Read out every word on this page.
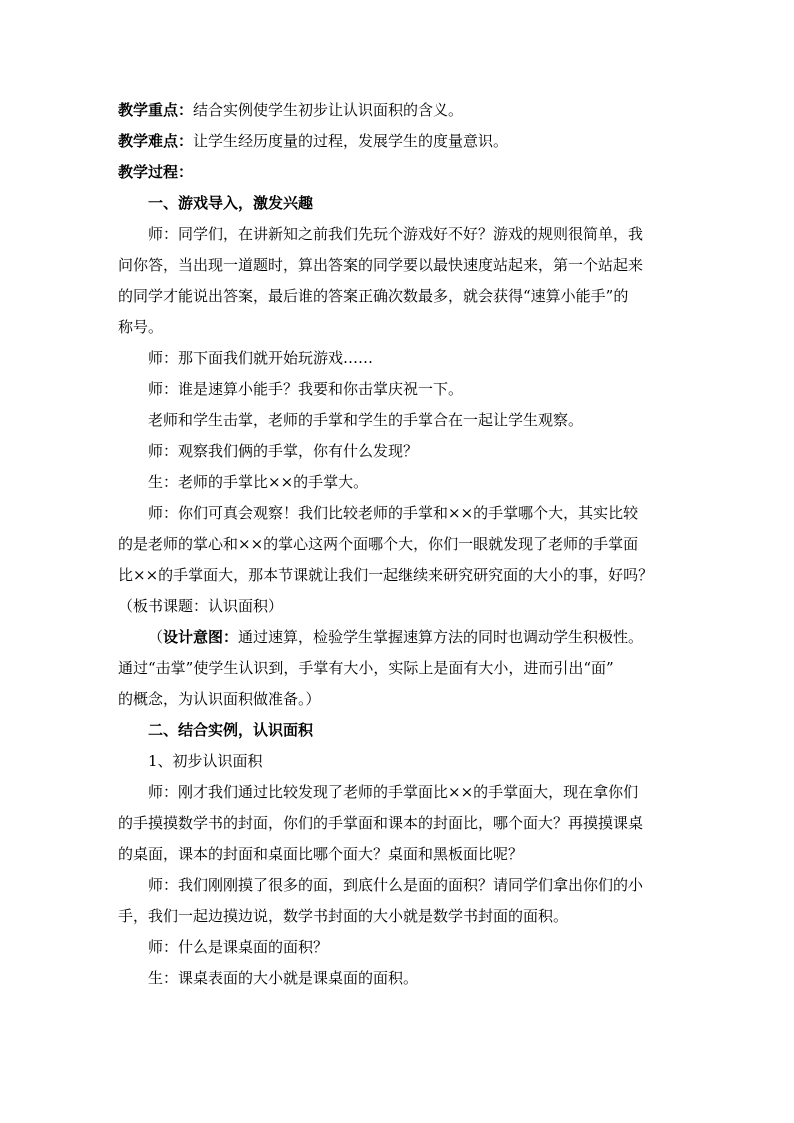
教学重点：结合实例使学生初步让认识面积的含义。

教学难点：让学生经历度量的过程，发展学生的度量意识。

教学过程：

一、游戏导入，激发兴趣

师：同学们，在讲新知之前我们先玩个游戏好不好？游戏的规则很简单，我

问你答，当出现一道题时，算出答案的同学要以最快速度站起来，第一个站起来

的同学才能说出答案，最后谁的答案正确次数最多，就会获得“速算小能手”的

称号。

师：那下面我们就开始玩游戏……

师：谁是速算小能手？我要和你击掌庆祝一下。

老师和学生击掌，老师的手掌和学生的手掌合在一起让学生观察。

师：观察我们俩的手掌，你有什么发现？

生：老师的手掌比××的手掌大。

师：你们可真会观察！我们比较老师的手掌和××的手掌哪个大，其实比较

的是老师的掌心和××的掌心这两个面哪个大，你们一眼就发现了老师的手掌面

比××的手掌面大，那本节课就让我们一起继续来研究研究面的大小的事，好吗？

（板书课题：认识面积）

（设计意图：通过速算，检验学生掌握速算方法的同时也调动学生积极性。

通过“击掌”使学生认识到，手掌有大小，实际上是面有大小，进而引出“面”

的概念，为认识面积做准备。）

二、结合实例，认识面积

1、初步认识面积

师：刚才我们通过比较发现了老师的手掌面比××的手掌面大，现在拿你们

的手摸摸数学书的封面，你们的手掌面和课本的封面比，哪个面大？再摸摸课桌

的桌面，课本的封面和桌面比哪个面大？桌面和黑板面比呢？

师：我们刚刚摸了很多的面，到底什么是面的面积？请同学们拿出你们的小

手，我们一起边摸边说，数学书封面的大小就是数学书封面的面积。

师：什么是课桌面的面积？

生：课桌表面的大小就是课桌面的面积。
